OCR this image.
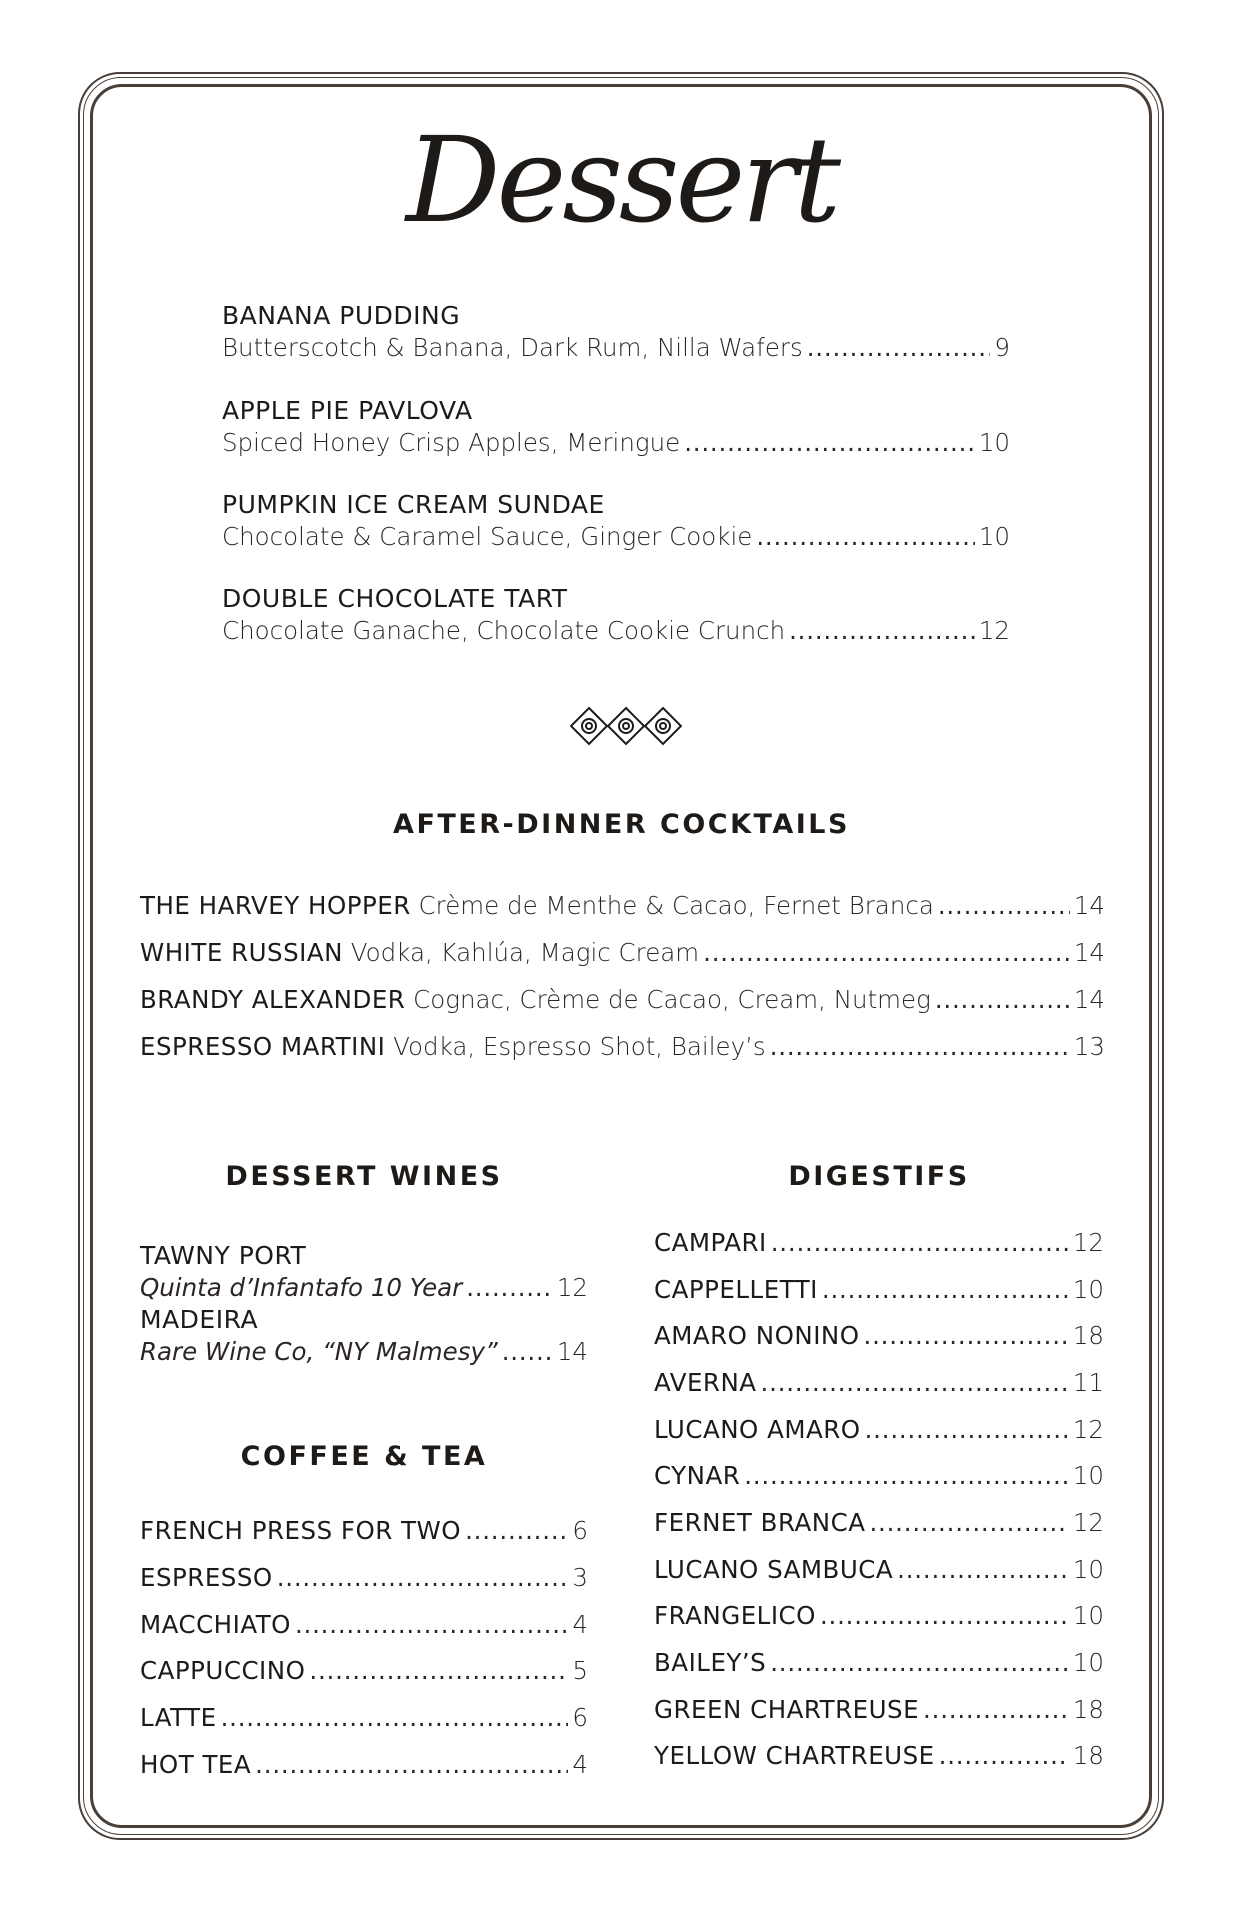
Dessert
BANANA PUDDING
Butterscotch & Banana, Dark Rum, Nilla Wafers . . .	9
APPLE PIE PAVLOVA
Spiced Honey Crisp Apples, Meringue . . .	10
PUMPKIN ICE CREAM SUNDAE
Chocolate & Caramel Sauce, Ginger Cookie . . .	10
DOUBLE CHOCOLATE TART
Chocolate Ganache, Chocolate Cookie Crunch . . .	12
AFTER-DINNER COCKTAILS
THE HARVEY HOPPER
Crème de Menthe & Cacao, Fernet Branca . . .	14
WHITE RUSSIAN
Vodka, Kahlúa, Magic Cream . . .	14
BRANDY ALEXANDER
Cognac, Crème de Cacao, Cream, Nutmeg . . .	14
ESPRESSO MARTINI
Vodka, Espresso Shot, Bailey’s . . .	13
DESSERT WINES
TAWNY PORT
Quinta d’Infantafo 10 Year . . .	12
MADEIRA
Rare Wine Co, “NY Malmesy” . . . 14
COFFEE & TEA
FRENCH PRESS FOR TWO . . .	6
ESPRESSO . . .	3
MACCHIATO . . .	4
CAPPUCCINO . . .	5
LATTE . . .	6
HOT TEA . . .	4
DIGESTIFS
CAMPARI . . .	12
CAPPELLETTI . . .	10
AMARO NONINO . . .	18
AVERNA . . .	11
LUCANO AMARO . . .	12
CYNAR . . .	10
FERNET BRANCA . . .	12
LUCANO SAMBUCA . . .	10
FRANGELICO . . .	10
BAILEY’S . . .	10
GREEN CHARTREUSE . . .	18
YELLOW CHARTREUSE . . .	18
